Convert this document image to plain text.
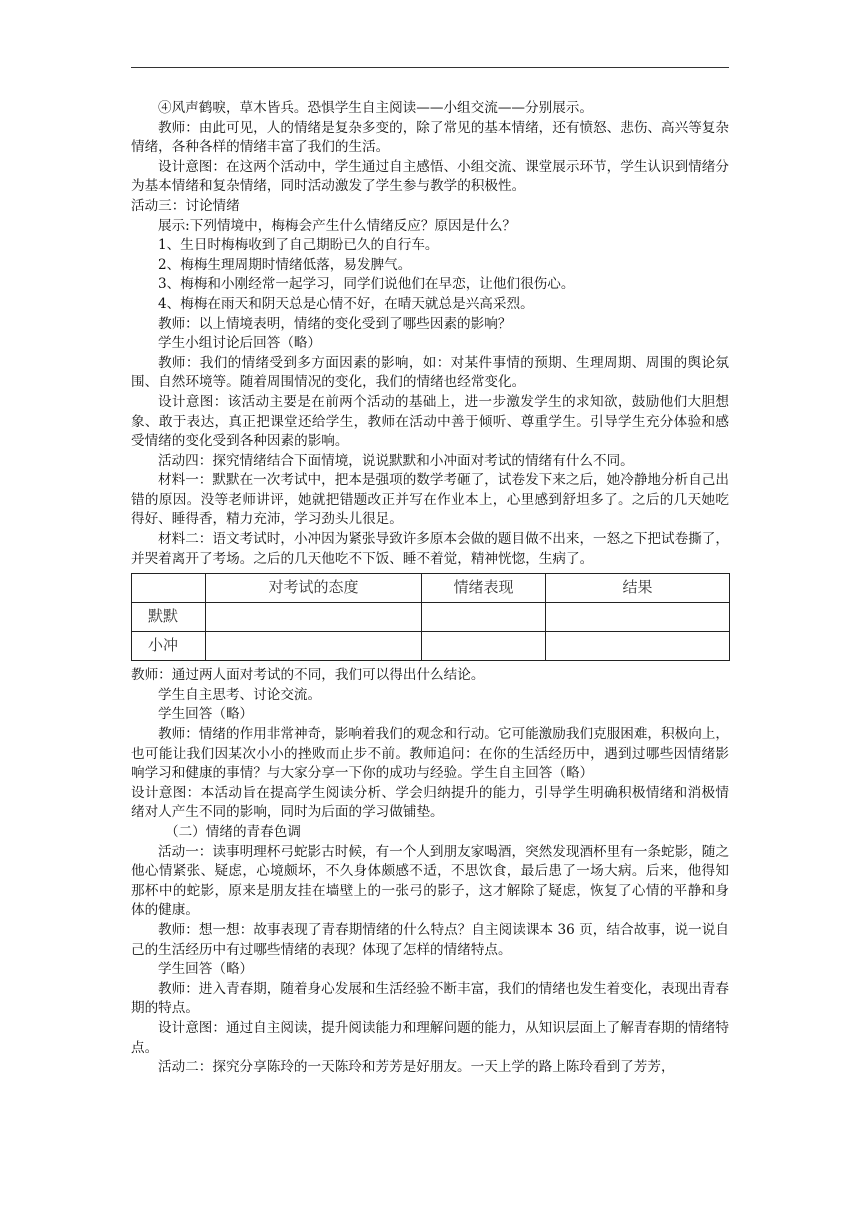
④风声鹤唳，草木皆兵。恐惧学生自主阅读——小组交流——分别展示。

教师：由此可见，人的情绪是复杂多变的，除了常见的基本情绪，还有愤怒、悲伤、高兴等复杂情绪，各种各样的情绪丰富了我们的生活。

设计意图：在这两个活动中，学生通过自主感悟、小组交流、课堂展示环节，学生认识到情绪分为基本情绪和复杂情绪，同时活动激发了学生参与教学的积极性。

活动三：讨论情绪

展示:下列情境中，梅梅会产生什么情绪反应？原因是什么？

1、生日时梅梅收到了自己期盼已久的自行车。

2、梅梅生理周期时情绪低落，易发脾气。

3、梅梅和小刚经常一起学习，同学们说他们在早恋，让他们很伤心。

4、梅梅在雨天和阴天总是心情不好，在晴天就总是兴高采烈。

教师：以上情境表明，情绪的变化受到了哪些因素的影响？

学生小组讨论后回答（略）

教师：我们的情绪受到多方面因素的影响，如：对某件事情的预期、生理周期、周围的舆论氛围、自然环境等。随着周围情况的变化，我们的情绪也经常变化。

设计意图：该活动主要是在前两个活动的基础上，进一步激发学生的求知欲，鼓励他们大胆想象、敢于表达，真正把课堂还给学生，教师在活动中善于倾听、尊重学生。引导学生充分体验和感受情绪的变化受到各种因素的影响。

活动四：探究情绪结合下面情境，说说默默和小冲面对考试的情绪有什么不同。

材料一：默默在一次考试中，把本是强项的数学考砸了，试卷发下来之后，她冷静地分析自己出错的原因。没等老师讲评，她就把错题改正并写在作业本上，心里感到舒坦多了。之后的几天她吃得好、睡得香，精力充沛，学习劲头儿很足。

材料二：语文考试时，小冲因为紧张导致许多原本会做的题目做不出来，一怒之下把试卷撕了，并哭着离开了考场。之后的几天他吃不下饭、睡不着觉，精神恍惚，生病了。

	对考试的态度	情绪表现	结果
默默			
小冲			

教师：通过两人面对考试的不同，我们可以得出什么结论。

学生自主思考、讨论交流。

学生回答（略）

教师：情绪的作用非常神奇，影响着我们的观念和行动。它可能激励我们克服困难，积极向上，也可能让我们因某次小小的挫败而止步不前。教师追问：在你的生活经历中，遇到过哪些因情绪影响学习和健康的事情？与大家分享一下你的成功与经验。学生自主回答（略）

设计意图：本活动旨在提高学生阅读分析、学会归纳提升的能力，引导学生明确积极情绪和消极情绪对人产生不同的影响，同时为后面的学习做铺垫。

（二）情绪的青春色调

活动一：读事明理杯弓蛇影古时候，有一个人到朋友家喝酒，突然发现酒杯里有一条蛇影，随之他心情紧张、疑虑，心境颇坏，不久身体颇感不适，不思饮食，最后患了一场大病。后来，他得知那杯中的蛇影，原来是朋友挂在墙壁上的一张弓的影子，这才解除了疑虑，恢复了心情的平静和身体的健康。

教师：想一想：故事表现了青春期情绪的什么特点？自主阅读课本 36 页，结合故事，说一说自己的生活经历中有过哪些情绪的表现？体现了怎样的情绪特点。

学生回答（略）

教师：进入青春期，随着身心发展和生活经验不断丰富，我们的情绪也发生着变化，表现出青春期的特点。

设计意图：通过自主阅读，提升阅读能力和理解问题的能力，从知识层面上了解青春期的情绪特点。

活动二：探究分享陈玲的一天陈玲和芳芳是好朋友。一天上学的路上陈玲看到了芳芳，
